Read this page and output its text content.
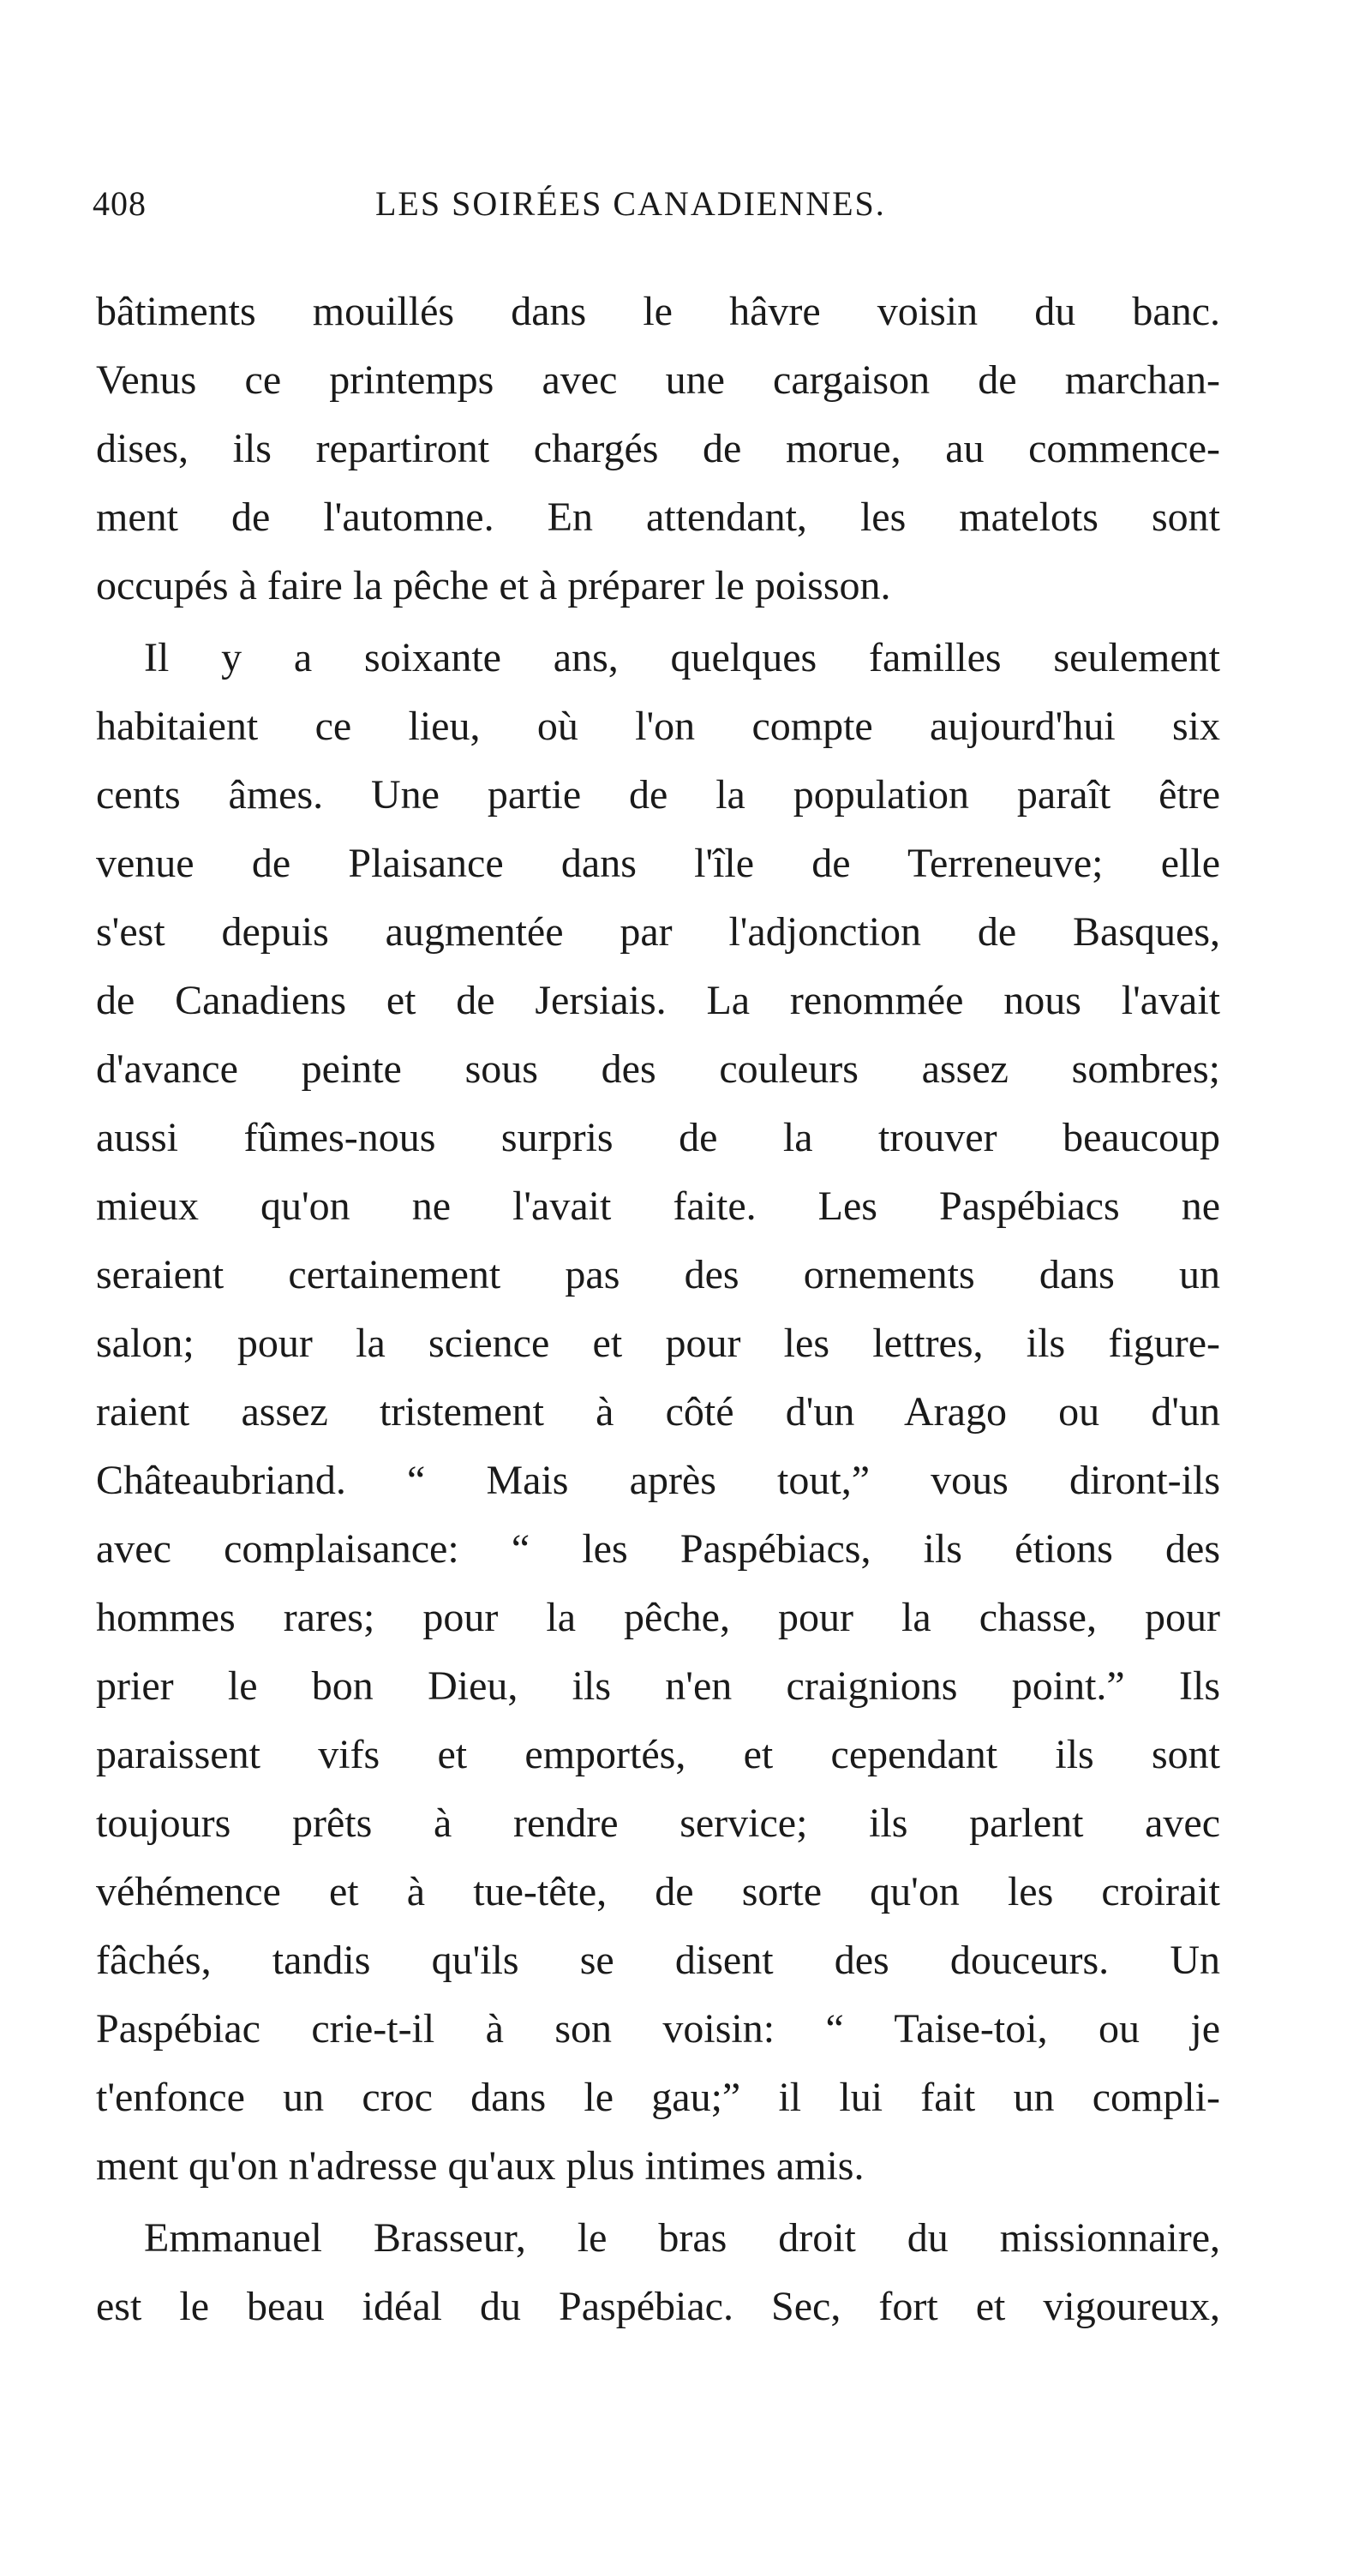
408	LES SOIRÉES CANADIENNES.
bâtiments mouillés dans le hâvre voisin du banc.
Venus ce printemps avec une cargaison de marchan-
dises, ils repartiront chargés de morue, au commence-
ment de l'automne. En attendant, les matelots sont
occupés à faire la pêche et à préparer le poisson.
Il y a soixante ans, quelques familles seulement
habitaient ce lieu, où l'on compte aujourd'hui six
cents âmes. Une partie de la population paraît être
venue de Plaisance dans l'île de Terreneuve; elle
s'est depuis augmentée par l'adjonction de Basques,
de Canadiens et de Jersiais. La renommée nous l'avait
d'avance peinte sous des couleurs assez sombres;
aussi fûmes-nous surpris de la trouver beaucoup
mieux qu'on ne l'avait faite. Les Paspébiacs ne
seraient certainement pas des ornements dans un
salon; pour la science et pour les lettres, ils figure-
raient assez tristement à côté d'un Arago ou d'un
Châteaubriand. “ Mais après tout,” vous diront-ils
avec complaisance: “ les Paspébiacs, ils étions des
hommes rares; pour la pêche, pour la chasse, pour
prier le bon Dieu, ils n'en craignions point.” Ils
paraissent vifs et emportés, et cependant ils sont
toujours prêts à rendre service; ils parlent avec
véhémence et à tue-tête, de sorte qu'on les croirait
fâchés, tandis qu'ils se disent des douceurs. Un
Paspébiac crie-t-il à son voisin: “ Taise-toi, ou je
t'enfonce un croc dans le gau;” il lui fait un compli-
ment qu'on n'adresse qu'aux plus intimes amis.
Emmanuel Brasseur, le bras droit du missionnaire,
est le beau idéal du Paspébiac. Sec, fort et vigoureux,
